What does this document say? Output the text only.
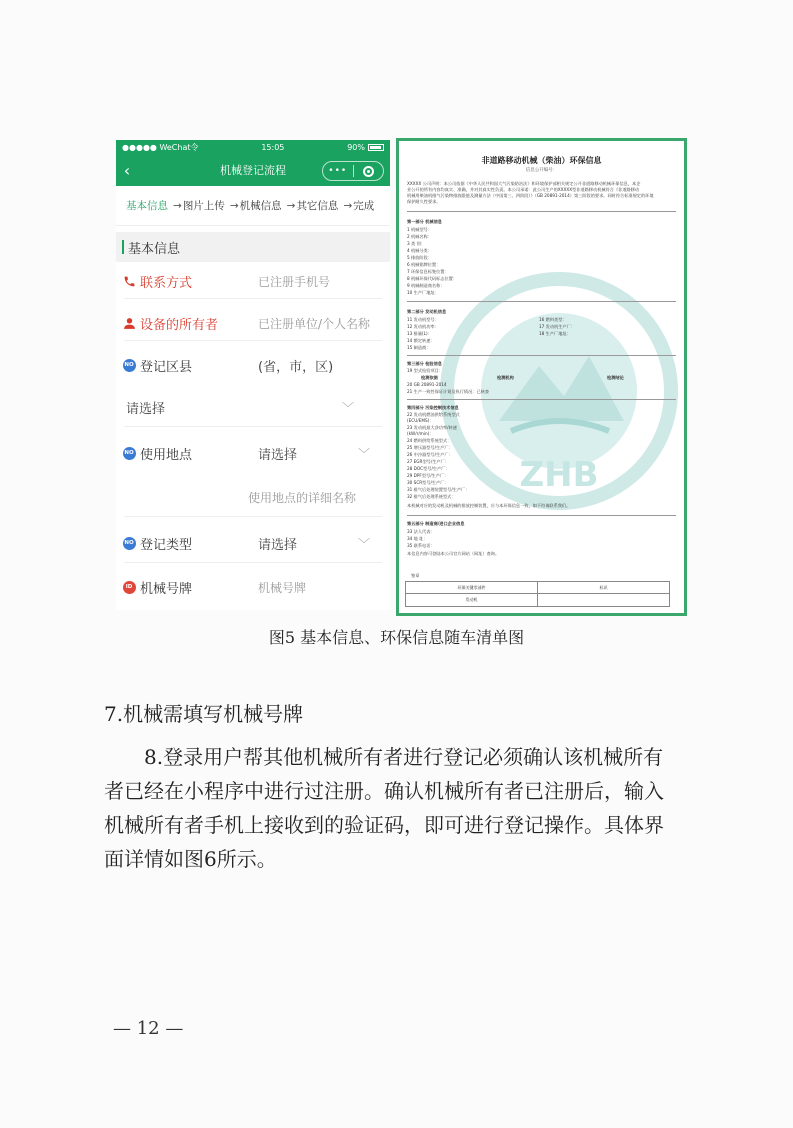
●●●●● WeChat令	15:05	90%
‹	机械登记流程	•••
基本信息 → 图片上传 → 机械信息 → 其它信息 → 完成
基本信息
联系方式	已注册手机号
设备的所有者	已注册单位/个人名称
NO 登记区县	(省，市，区)
请选择	﹀
NO 使用地点	请选择	﹀
使用地点的详细名称
NO 登记类型	请选择	﹀
ID 机械号牌	机械号牌
ZHB
非道路移动机械（柴油）环保信息
信息公开编号：
XXXXX 公司声明：本公司依据《中华人民共和国大气污染防治法》和环境保护部相关规定公开非道路移动机械环保信息，本企
业公开的所有内容均真实、准确，并对其真实性负责。本公司承诺：此公司生产的XXXXX型非道路移动机械符合《非道路移动
机械用柴油机排气污染物排放限值及测量方法（中国第三、四阶段）》（GB 20891-2014）第三阶段的要求。同时符合标准规定的环境
保护耐久性要求。
第一部分 机械信息
1 机械型号：
2 机械名称：
3 类 别：
4 机械分类：
5 排放阶段：
6 机械铭牌位置：
7 环保信息标签位置：
8 机械环保代码标志位置：
9 机械制造商名称：
10 生产厂地址：
第二部分 发动机信息
11 发动机型号：
12 发动机功率：
13 排量(L)：
14 额定转速：
15 制造商：
16 燃料类型：
17 发动机生产厂：
18 生产厂地址：
第三部分 检验信息
19 型式检验项目：
检测依据	检测机构	检测结论
20 GB 20891-2014
21 生产一致性保证计划及执行情况：已核查
第四部分 污染控制技术信息
22 发动机燃油供给系统型式
(ECU/EMS)：
23 发动机最大净功率/转速
(kW/r/min)：
24 燃料供给系统型式：
25 增压器型号/生产厂：
26 中冷器型号/生产厂：
27 EGR型号/生产厂：
28 DOC型号/生产厂：
29 DPF型号/生产厂：
30 SCR型号/生产厂：
31 排气后处理装置型号/生产厂：
32 排气后处理系统型式：
本机械对应的发动机及机械的排放控制装置，应与本环保信息一致，如不符请联系我们。
第五部分 制造商/进口企业信息
33 法人代表：
34 地 址：
35 联系电话：
本信息内容可登陆本公司官方网站（网址）查询。
签章
环保关键零部件	标识
发动机
图5 基本信息、环保信息随车清单图
7.机械需填写机械号牌
8.登录用户帮其他机械所有者进行登记必须确认该机械所有
者已经在小程序中进行过注册。确认机械所有者已注册后，输入
机械所有者手机上接收到的验证码，即可进行登记操作。具体界
面详情如图6所示。
— 12 —
